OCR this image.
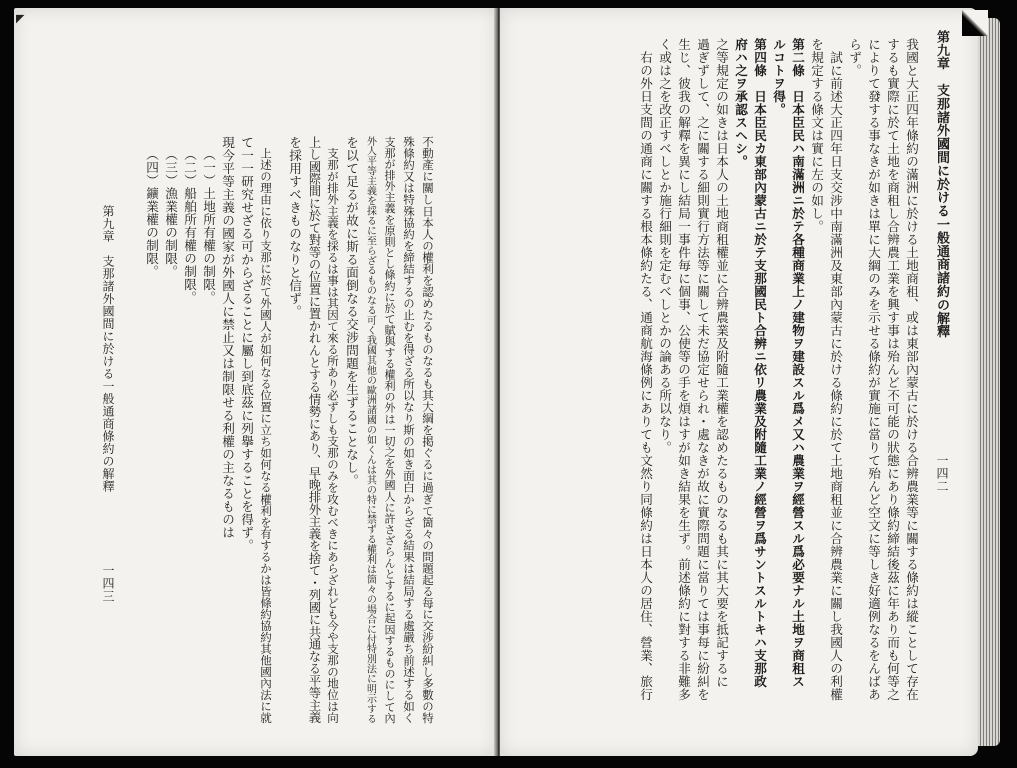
第九章　支那諸外國間に於ける一般通商條約の解釋
一四三	不動產に關し日本人の權利を認めたるものなるも其大綱を掲ぐるに過ぎて箇々の問題起る每に交涉紛糾し多數の特
殊條約又は特殊協約を締結するの止むを得ざる所以なり斯の如き面白からざる結果は結局する處嚴ち前述する如く
支那が排外主義を原則とし條約に於て賦與する權利の外は一切之を外國人に許さざらんとするに起因するものにして內
外人平等主義を採るに至らざるものなる可く我國其他の歐洲諸國の如くんは其の特に禁ずる權利は箇々の場合に付特別法に明示する
を以て足るが故に斯る面倒なる交涉問題を生ずることなし。
　支那が排外主義を採るは事は其因て來る所あり必ずしも支那のみを攻むべきにあらざれども今や支那の地位は向
上し國際間に於て對等の位置に置かれんとする情勢にあり、早晚排外主義を捨て・列國に共通なる平等主義
を採用すべきものなりと信ず。
　上述の理由に依り支那に於て外國人が如何なる位置に立ち如何なる權利を有するかは皆條約協約其他國內法に就
て一一研究せざる可からざることに屬し到底茲に列擧することを得ず。
現今平等主義の國家が外國人に禁止又は制限せる利權の主なるものは
（一）土地所有權の制限。
（二）船舶所有權の制限。
（三）漁業權の制限。
（四）鑛業權の制限。
◤
第九章　支那諸外國間に於ける一般通商諸約の解釋
一四二
我國と大正四年條約の滿洲に於ける土地商租、或は東部內蒙古に於ける合辨農業等に關する條約は縱ことして存在
するも實際に於て土地を商租し合辨農工業を興す事は殆んど不可能の狀態にあり條約締結後茲に年あり而も何等之
によりて發する事なきが如きは單に大綱のみを示せる條約が實施に當りて殆んど空文に等しき好適例なるをんばあ
らず。
　試に前述大正四年日支交涉中南滿洲及東部內蒙古に於ける條約に於て土地商租並に合辨農業に關し我國人の利權
を規定する條文は實に左の如し。
第二條　日本臣民ハ南滿洲ニ於テ各種商業上ノ建物ヲ建設スル爲メ又ハ農業ヲ經營スル爲必要ナル土地ヲ商租ス
ルコトヲ得。
第四條　日本臣民カ東部內蒙古ニ於テ支那國民ト合辨ニ依リ農業及附隨工業ノ經營ヲ爲サントスルトキハ支那政
府ハ之ヲ承認スヘシ。
之等規定の如きは日本人の土地商租權並に合辨農業及附隨工業權を認めたるものなるも其に其大要を抵記するに
過ぎずして、之に關する細則實行方法等に關して未だ協定せられ・處なきが故に實際問題に當りては事每に紛糾を
生じ、彼我の解釋を異にし結局一事件毎に個事、公使等の手を煩はすが如き結果を生ず。前述條約に對する非難多
く或は之を改正すべしとか施行細則を定むべしとかの論ある所以なり。
　右の外日支間の通商に關する根本條約たる、通商航海條例にありても文然り同條約は日本人の居住、營業、旅行
